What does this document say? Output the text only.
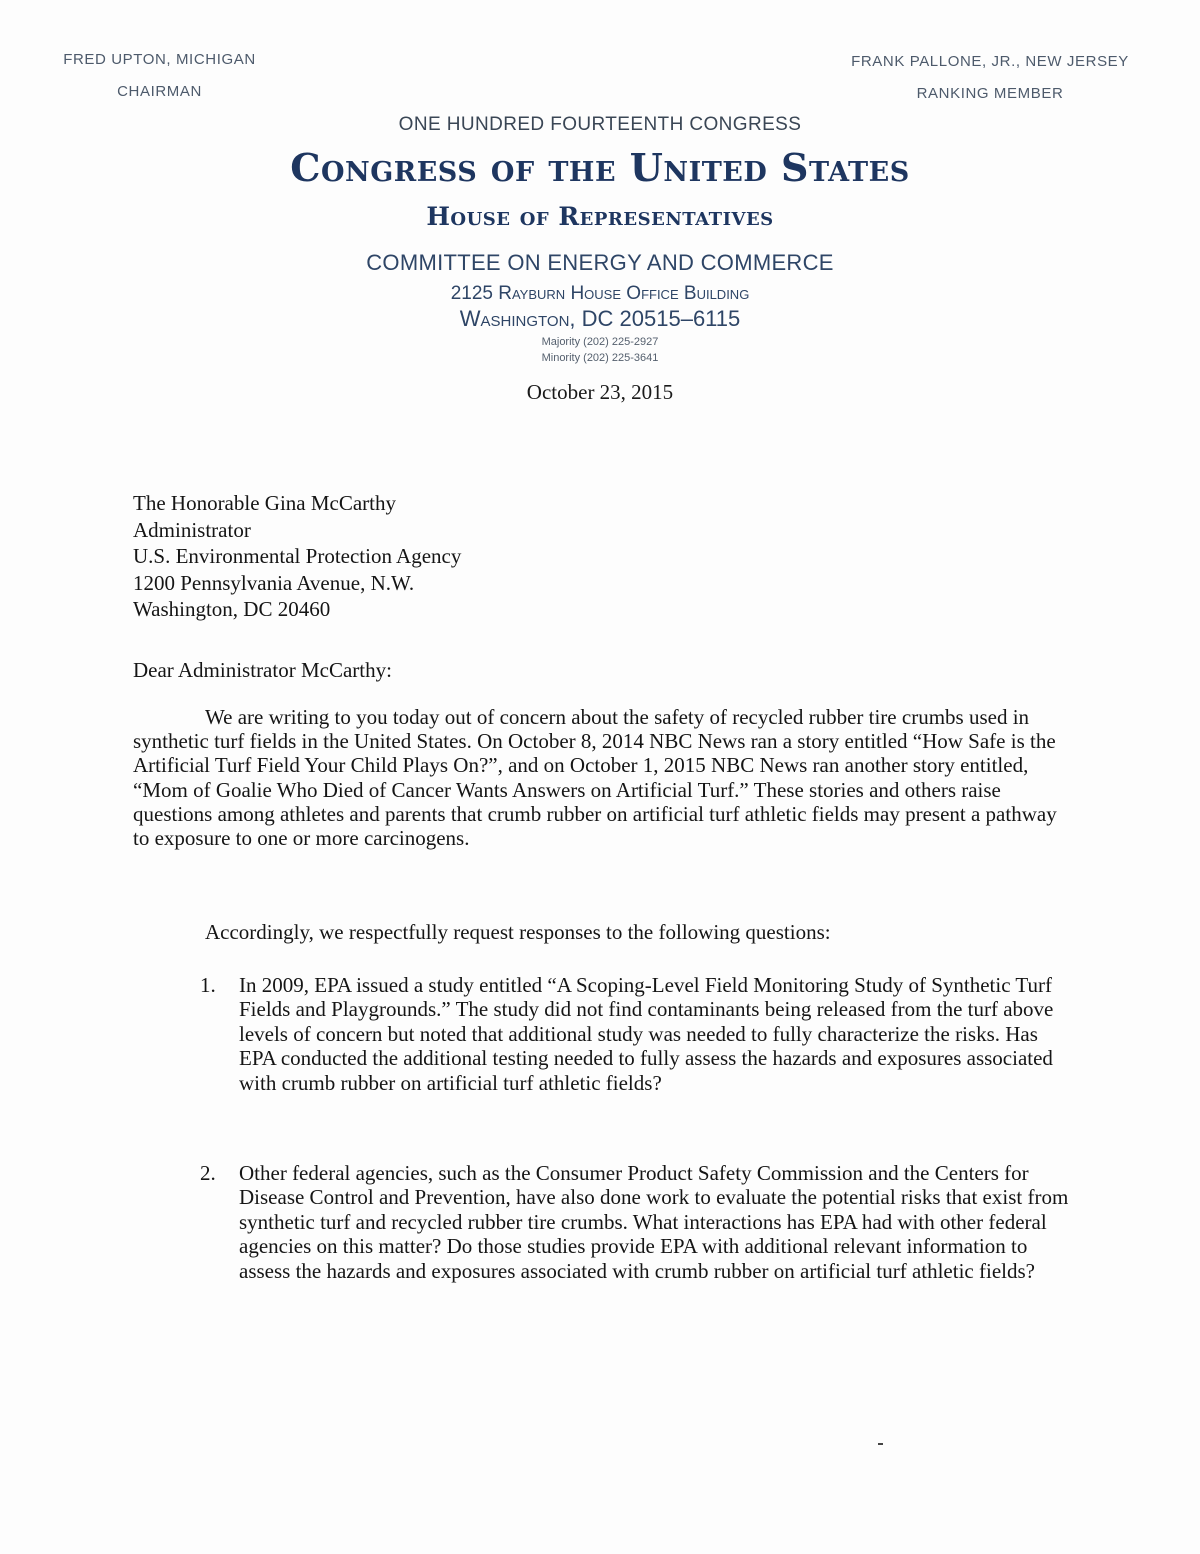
FRED UPTON, MICHIGAN
CHAIRMAN
FRANK PALLONE, JR., NEW JERSEY
RANKING MEMBER
ONE HUNDRED FOURTEENTH CONGRESS
Congress of the United States
House of Representatives
COMMITTEE ON ENERGY AND COMMERCE
2125 Rayburn House Office Building
Washington, DC 20515–6115
Majority (202) 225-2927
Minority (202) 225-3641
October 23, 2015
The Honorable Gina McCarthy
Administrator
U.S. Environmental Protection Agency
1200 Pennsylvania Avenue, N.W.
Washington, DC 20460
Dear Administrator McCarthy:
We are writing to you today out of concern about the safety of recycled rubber tire crumbs used in synthetic turf fields in the United States. On October 8, 2014 NBC News ran a story entitled “How Safe is the Artificial Turf Field Your Child Plays On?”, and on October 1, 2015 NBC News ran another story entitled, “Mom of Goalie Who Died of Cancer Wants Answers on Artificial Turf.” These stories and others raise questions among athletes and parents that crumb rubber on artificial turf athletic fields may present a pathway to exposure to one or more carcinogens.
Accordingly, we respectfully request responses to the following questions:
1.	In 2009, EPA issued a study entitled “A Scoping-Level Field Monitoring Study of Synthetic Turf Fields and Playgrounds.” The study did not find contaminants being released from the turf above levels of concern but noted that additional study was needed to fully characterize the risks. Has EPA conducted the additional testing needed to fully assess the hazards and exposures associated with crumb rubber on artificial turf athletic fields?
2.	Other federal agencies, such as the Consumer Product Safety Commission and the Centers for Disease Control and Prevention, have also done work to evaluate the potential risks that exist from synthetic turf and recycled rubber tire crumbs. What interactions has EPA had with other federal agencies on this matter? Do those studies provide EPA with additional relevant information to assess the hazards and exposures associated with crumb rubber on artificial turf athletic fields?
